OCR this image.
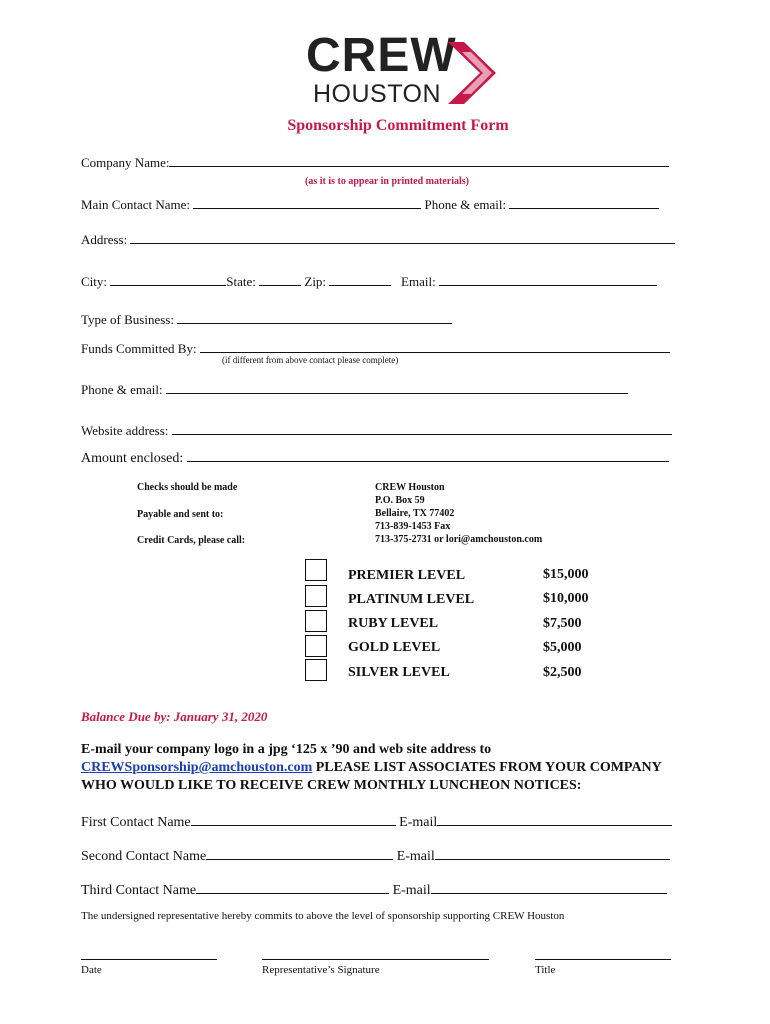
CREW
HOUSTON
Sponsorship Commitment Form
Company Name:
(as it is to appear in printed materials)
Main Contact Name:	Phone & email:
Address:
City:	State:	Zip:	Email:
Type of Business:
Funds Committed By:
(if different from above contact please complete)
Phone & email:
Website address:
Amount enclosed:
Checks should be made
Payable and sent to:
Credit Cards, please call:
CREW Houston
P.O. Box 59
Bellaire, TX 77402
713-839-1453 Fax
713-375-2731 or lori@amchouston.com
PREMIER LEVEL	$15,000
PLATINUM LEVEL	$10,000
RUBY LEVEL	$7,500
GOLD LEVEL	$5,000
SILVER LEVEL	$2,500
Balance Due by: January 31, 2020
E-mail your company logo in a jpg ‘125 x ’90 and web site address to
CREWSponsorship@amchouston.com PLEASE LIST ASSOCIATES FROM YOUR COMPANY
WHO WOULD LIKE TO RECEIVE CREW MONTHLY LUNCHEON NOTICES:
First Contact Name	E-mail
Second Contact Name	E-mail
Third Contact Name	E-mail
The undersigned representative hereby commits to above the level of sponsorship supporting CREW Houston
Date	Representative’s Signature	Title
